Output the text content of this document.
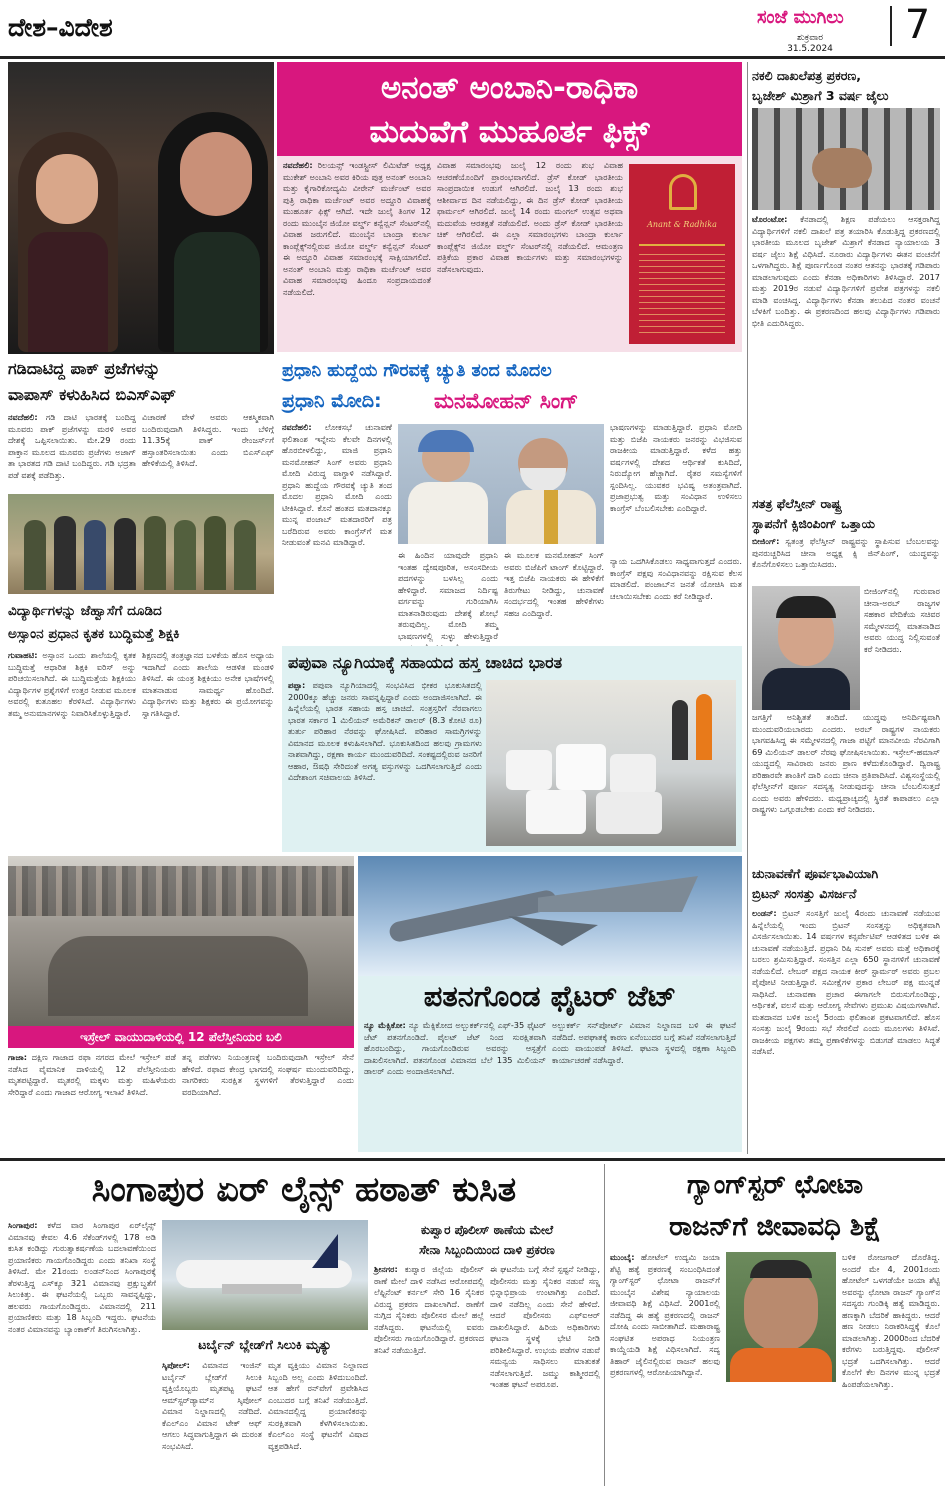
ದೇಶ–ವಿದೇಶ	ಸಂಜೆ ಮುಗಿಲು
ಶುಕ್ರವಾರ
31.5.2024
7
ಅನಂತ್ ಅಂಬಾನಿ-ರಾಧಿಕಾ
ಮದುವೆಗೆ ಮುಹೂರ್ತ ಫಿಕ್ಸ್
ನವದೆಹಲಿ: ರಿಲಯನ್ಸ್ ಇಂಡಸ್ಟ್ರೀಸ್ ಲಿಮಿಟೆಡ್ ಅಧ್ಯಕ್ಷ ಮುಕೇಶ್ ಅಂಬಾನಿ ಅವರ ಕಿರಿಯ ಪುತ್ರ ಅನಂತ್ ಅಂಬಾನಿ ಮತ್ತು ಕೈಗಾರಿಕೋದ್ಯಮಿ ವೀರೇನ್ ಮರ್ಚೆಂಟ್ ಅವರ ಪುತ್ರಿ ರಾಧಿಕಾ ಮರ್ಚೆಂಟ್ ಅವರ ಅದ್ದೂರಿ ವಿವಾಹಕ್ಕೆ ಮುಹೂರ್ತ ಫಿಕ್ಸ್ ಆಗಿದೆ. ಇದೇ ಜುಲೈ ತಿಂಗಳ 12 ರಂದು ಮುಂಬೈನ ಜಿಯೋ ವರ್ಲ್ಡ್ ಕನ್ವೆನ್ಷನ್ ಸೆಂಟರ್‌ನಲ್ಲಿ ವಿವಾಹ ಜರುಗಲಿದೆ. ಮುಂಬೈನ ಬಾಂದ್ರಾ ಕುರ್ಲಾ ಕಾಂಪ್ಲೆಕ್ಸ್‌ನಲ್ಲಿರುವ ಜಿಯೋ ವರ್ಲ್ಡ್ ಕನ್ವೆನ್ಷನ್ ಸೆಂಟರ್ ಈ ಅದ್ದೂರಿ ವಿವಾಹ ಸಮಾರಂಭಕ್ಕೆ ಸಾಕ್ಷಿಯಾಗಲಿದೆ. ಅನಂತ್ ಅಂಬಾನಿ ಮತ್ತು ರಾಧಿಕಾ ಮರ್ಚೆಂಟ್ ಅವರ ವಿವಾಹ ಸಮಾರಂಭವು ಹಿಂದೂ ಸಂಪ್ರದಾಯದಂತೆ ನಡೆಯಲಿದೆ.
ವಿವಾಹ ಸಮಾರಂಭವು ಜುಲೈ 12 ರಂದು ಶುಭ ವಿವಾಹ ಆಚರಣೆಯೊಂದಿಗೆ ಪ್ರಾರಂಭವಾಗಲಿದೆ. ಡ್ರೆಸ್ ಕೋಡ್ ಭಾರತೀಯ ಸಾಂಪ್ರದಾಯಿಕ ಉಡುಗೆ ಆಗಿರಲಿದೆ. ಜುಲೈ 13 ರಂದು ಶುಭ ಆಶೀರ್ವಾದ ದಿನ ನಡೆಯಲಿದ್ದು, ಈ ದಿನ ಡ್ರೆಸ್ ಕೋಡ್ ಭಾರತೀಯ ಫಾರ್ಮಲ್ ಆಗಿರಲಿದೆ. ಜುಲೈ 14 ರಂದು ಮಂಗಲ್ ಉತ್ಸವ ಅಥವಾ ಮದುವೆಯ ಆರತಕ್ಷತೆ ನಡೆಯಲಿದೆ. ಅಂದು ಡ್ರೆಸ್ ಕೋಡ್ ಭಾರತೀಯ ಚಿಕ್ ಆಗಿರಲಿದೆ. ಈ ಎಲ್ಲಾ ಸಮಾರಂಭಗಳು ಬಾಂದ್ರಾ ಕುರ್ಲಾ ಕಾಂಪ್ಲೆಕ್ಸ್‌ನ ಜಿಯೋ ವರ್ಲ್ಡ್ ಸೆಂಟರ್‌ನಲ್ಲಿ ನಡೆಯಲಿದೆ. ಆಮಂತ್ರಣ ಪತ್ರಿಕೆಯ ಪ್ರಕಾರ ವಿವಾಹ ಕಾರ್ಯಗಳು ಮತ್ತು ಸಮಾರಂಭಗಳನ್ನು ನಡೆಸಲಾಗುವುದು.
Anant & Radhika
ಗಡಿದಾಟಿದ್ದ ಪಾಕ್ ಪ್ರಜೆಗಳನ್ನು
ವಾಪಾಸ್ ಕಳುಹಿಸಿದ ಬಿಎಸ್‌ಎಫ್
ನವದೆಹಲಿ: ಗಡಿ ದಾಟಿ ಭಾರತಕ್ಕೆ ಬಂದಿದ್ದ ಮೂವರು ಪಾಕ್ ಪ್ರಜೆಗಳನ್ನು ಮರಳಿ ಅವರ ದೇಶಕ್ಕೆ ಒಪ್ಪಿಸಲಾಯಿತು. ಮೇ.29 ರಂದು ಪಾಕ್ತಾನ ಮೂಲದ ಮೂವರು ಪ್ರಜೆಗಳು ಅಜಾಗ್ ತಾ ಭಾರತದ ಗಡಿ ದಾಟಿ ಬಂದಿದ್ದರು. ಗಡಿ ಭದ್ರತಾ ಪಡೆ ವಶಕ್ಕೆ ಪಡೆದಿತ್ತು.
ವಿಚಾರಣೆ ವೇಳೆ ಅವರು ಆಕಸ್ಮಿಕವಾಗಿ ಬಂದಿರುವುದಾಗಿ ತಿಳಿಸಿದ್ದರು. ಇಂದು ಬೆಳಿಗ್ಗೆ 11.35ಕ್ಕೆ ಪಾಕ್ ರೇಂಜರ್ಸ್‌ಗೆ ಹಸ್ತಾಂತರಿಸಲಾಯಿತು ಎಂದು ಬಿಎಸ್‌ಎಫ್ ಹೇಳಿಕೆಯಲ್ಲಿ ತಿಳಿಸಿದೆ.
ವಿದ್ಯಾರ್ಥಿಗಳನ್ನು ಜೆಹ್ವಾಸೆಗೆ ದೂಡಿದ
ಅಸ್ಸಾಂನ ಪ್ರಧಾನ ಕೃತಕ ಬುದ್ಧಿಮತ್ತೆ ಶಿಕ್ಷಕಿ
ಗುವಾಹಟಿ: ಅಸ್ಸಾಂನ ಒಂದು ಶಾಲೆಯಲ್ಲಿ ಕೃತಕ ಬುದ್ಧಿಮತ್ತೆ ಆಧಾರಿತ ಶಿಕ್ಷಕಿ ಐರಿಸ್ ಅನ್ನು ಪರಿಚಯಿಸಲಾಗಿದೆ. ಈ ಬುದ್ಧಿಮತ್ತೆಯ ಶಿಕ್ಷಕಿಯು ವಿದ್ಯಾರ್ಥಿಗಳ ಪ್ರಶ್ನೆಗಳಿಗೆ ಉತ್ತರ ನೀಡುವ ಮೂಲಕ ಅವರಲ್ಲಿ ಕುತೂಹಲ ಕೆರಳಿಸಿದೆ. ವಿದ್ಯಾರ್ಥಿಗಳು ತಮ್ಮ ಅನುಮಾನಗಳನ್ನು ನಿವಾರಿಸಿಕೊಳ್ಳುತ್ತಿದ್ದಾರೆ.
ಶಿಕ್ಷಣದಲ್ಲಿ ತಂತ್ರಜ್ಞಾನದ ಬಳಕೆಯ ಹೊಸ ಅಧ್ಯಾಯ ಇದಾಗಿದೆ ಎಂದು ಶಾಲೆಯ ಆಡಳಿತ ಮಂಡಳಿ ತಿಳಿಸಿದೆ. ಈ ಯಂತ್ರ ಶಿಕ್ಷಕಿಯು ಅನೇಕ ಭಾಷೆಗಳಲ್ಲಿ ಮಾತನಾಡುವ ಸಾಮರ್ಥ್ಯ ಹೊಂದಿದೆ. ವಿದ್ಯಾರ್ಥಿಗಳು ಮತ್ತು ಶಿಕ್ಷಕರು ಈ ಪ್ರಯೋಗವನ್ನು ಸ್ವಾಗತಿಸಿದ್ದಾರೆ.
ಪ್ರಧಾನಿ ಹುದ್ದೆಯ ಗೌರವಕ್ಕೆ ಚ್ಯುತಿ ತಂದ ಮೊದಲ
ಪ್ರಧಾನಿ ಮೋದಿ:	ಮನಮೋಹನ್ ಸಿಂಗ್
ನವದೆಹಲಿ: ಲೋಕಸಭೆ ಚುನಾವಣೆ ಫಲಿತಾಂಶ ಇನ್ನೇನು ಕೆಲವೇ ದಿನಗಳಲ್ಲಿ ಹೊರಬೀಳಲಿದ್ದು, ಮಾಜಿ ಪ್ರಧಾನಿ ಮನಮೋಹನ್ ಸಿಂಗ್ ಅವರು ಪ್ರಧಾನಿ ಮೋದಿ ವಿರುದ್ಧ ವಾಗ್ದಾಳಿ ನಡೆಸಿದ್ದಾರೆ. ಪ್ರಧಾನಿ ಹುದ್ದೆಯ ಗೌರವಕ್ಕೆ ಚ್ಯುತಿ ತಂದ ಮೊದಲ ಪ್ರಧಾನಿ ಮೋದಿ ಎಂದು ಟೀಕಿಸಿದ್ದಾರೆ. ಕೊನೆ ಹಂತದ ಮತದಾನಕ್ಕೂ ಮುನ್ನ ಪಂಜಾಬ್ ಮತದಾರರಿಗೆ ಪತ್ರ ಬರೆದಿರುವ ಅವರು ಕಾಂಗ್ರೆಸ್‌ಗೆ ಮತ ನೀಡುವಂತೆ ಮನವಿ ಮಾಡಿದ್ದಾರೆ.
ಈ ಹಿಂದಿನ ಯಾವುದೇ ಪ್ರಧಾನಿ ಇಂತಹ ದ್ವೇಷಪೂರಿತ, ಅಸಂಸದೀಯ ಪದಗಳನ್ನು ಬಳಸಿಲ್ಲ ಎಂದು ಹೇಳಿದ್ದಾರೆ. ಸಮಾಜದ ನಿರ್ದಿಷ್ಟ ವರ್ಗವನ್ನು ಗುರಿಯಾಗಿಸಿ ಮಾತನಾಡಿರುವುದು ದೇಶಕ್ಕೆ ಶೋಭೆ ತರುವುದಿಲ್ಲ. ಮೋದಿ ತಮ್ಮ ಭಾಷಣಗಳಲ್ಲಿ ಸುಳ್ಳು ಹೇಳುತ್ತಿದ್ದಾರೆ
ಭಾಷಣಗಳನ್ನು ಮಾಡುತ್ತಿದ್ದಾರೆ. ಪ್ರಧಾನಿ ಮೋದಿ ಮತ್ತು ಬಿಜೆಪಿ ನಾಯಕರು ಜನರನ್ನು ವಿಭಜಿಸುವ ರಾಜಕೀಯ ಮಾಡುತ್ತಿದ್ದಾರೆ. ಕಳೆದ ಹತ್ತು ವರ್ಷಗಳಲ್ಲಿ ದೇಶದ ಆರ್ಥಿಕತೆ ಕುಸಿದಿದೆ, ನಿರುದ್ಯೋಗ ಹೆಚ್ಚಾಗಿದೆ. ರೈತರ ಸಮಸ್ಯೆಗಳಿಗೆ ಸ್ಪಂದಿಸಿಲ್ಲ. ಯುವಕರ ಭವಿಷ್ಯ ಅತಂತ್ರವಾಗಿದೆ. ಪ್ರಜಾಪ್ರಭುತ್ವ ಮತ್ತು ಸಂವಿಧಾನ ಉಳಿಸಲು ಕಾಂಗ್ರೆಸ್ ಬೆಂಬಲಿಸಬೇಕು ಎಂದಿದ್ದಾರೆ.
ಈ ಮೂಲಕ ಮನಮೋಹನ್ ಸಿಂಗ್ ಅವರು ಬಿಜೆಪಿಗೆ ಟಾಂಗ್ ಕೊಟ್ಟಿದ್ದಾರೆ. ಇತ್ತ ಬಿಜೆಪಿ ನಾಯಕರು ಈ ಹೇಳಿಕೆಗೆ ತಿರುಗೇಟು ನೀಡಿದ್ದು, ಚುನಾವಣೆ ಸಂದರ್ಭದಲ್ಲಿ ಇಂತಹ ಹೇಳಿಕೆಗಳು ಸಹಜ ಎಂದಿದ್ದಾರೆ.
ನ್ಯಾಯ ಒದಗಿಸಿಕೊಡಲು ಸಾಧ್ಯವಾಗುತ್ತದೆ ಎಂದರು. ಕಾಂಗ್ರೆಸ್ ಪಕ್ಷವು ಸಂವಿಧಾನವನ್ನು ರಕ್ಷಿಸುವ ಕೆಲಸ ಮಾಡಲಿದೆ. ಪಂಜಾಬ್‌ನ ಜನತೆ ಯೋಚಿಸಿ ಮತ ಚಲಾಯಿಸಬೇಕು ಎಂದು ಕರೆ ನೀಡಿದ್ದಾರೆ.
ಪಪುವಾ ನ್ಯೂಗಿಯಾಕ್ಕೆ ಸಹಾಯದ ಹಸ್ತ ಚಾಚಿದ ಭಾರತ
ಪಪ್ಪಾ: ಪಪುವಾ ನ್ಯೂಗಿಯಾದಲ್ಲಿ ಸಂಭವಿಸಿದ ಭೀಕರ ಭೂಕುಸಿತದಲ್ಲಿ 2000ಕ್ಕೂ ಹೆಚ್ಚು ಜನರು ಸಾವನ್ನಪ್ಪಿದ್ದಾರೆ ಎಂದು ಅಂದಾಜಿಸಲಾಗಿದೆ. ಈ ಹಿನ್ನೆಲೆಯಲ್ಲಿ ಭಾರತ ಸಹಾಯ ಹಸ್ತ ಚಾಚಿದೆ. ಸಂತ್ರಸ್ತರಿಗೆ ನೆರವಾಗಲು ಭಾರತ ಸರ್ಕಾರ 1 ಮಿಲಿಯನ್ ಅಮೆರಿಕನ್ ಡಾಲರ್ (8.3 ಕೋಟಿ ರೂ) ತುರ್ತು ಪರಿಹಾರ ನೆರವನ್ನು ಘೋಷಿಸಿದೆ. ಪರಿಹಾರ ಸಾಮಗ್ರಿಗಳನ್ನು ವಿಮಾನದ ಮೂಲಕ ಕಳುಹಿಸಲಾಗಿದೆ. ಭೂಕುಸಿತದಿಂದ ಹಲವು ಗ್ರಾಮಗಳು ನಾಶವಾಗಿದ್ದು, ರಕ್ಷಣಾ ಕಾರ್ಯ ಮುಂದುವರಿದಿದೆ. ಸಂಕಷ್ಟದಲ್ಲಿರುವ ಜನರಿಗೆ ಆಹಾರ, ಔಷಧಿ ಸೇರಿದಂತೆ ಅಗತ್ಯ ವಸ್ತುಗಳನ್ನು ಒದಗಿಸಲಾಗುತ್ತಿದೆ ಎಂದು ವಿದೇಶಾಂಗ ಸಚಿವಾಲಯ ತಿಳಿಸಿದೆ.
ಇಸ್ರೇಲ್ ವಾಯುದಾಳಿಯಲ್ಲಿ 12 ಪೆಲೆಸ್ತೀನಿಯರ ಬಲಿ
ಗಾಜಾ: ದಕ್ಷಿಣ ಗಾಜಾದ ರಫಾ ನಗರದ ಮೇಲೆ ಇಸ್ರೇಲ್ ಪಡೆ ನಡೆಸಿದ ವೈಮಾನಿಕ ದಾಳಿಯಲ್ಲಿ 12 ಪೆಲೆಸ್ತೀನಿಯರು ಮೃತಪಟ್ಟಿದ್ದಾರೆ. ಮೃತರಲ್ಲಿ ಮಕ್ಕಳು ಮತ್ತು ಮಹಿಳೆಯರು ಸೇರಿದ್ದಾರೆ ಎಂದು ಗಾಜಾದ ಆರೋಗ್ಯ ಇಲಾಖೆ ತಿಳಿಸಿದೆ.
ತನ್ನ ಪಡೆಗಳು ನಿಯಂತ್ರಣಕ್ಕೆ ಬಂದಿರುವುದಾಗಿ ಇಸ್ರೇಲ್ ಸೇನೆ ಹೇಳಿದೆ. ರಫಾದ ಕೇಂದ್ರ ಭಾಗದಲ್ಲಿ ಸಂಘರ್ಷ ಮುಂದುವರಿದಿದ್ದು, ನಾಗರಿಕರು ಸುರಕ್ಷಿತ ಸ್ಥಳಗಳಿಗೆ ತೆರಳುತ್ತಿದ್ದಾರೆ ಎಂದು ವರದಿಯಾಗಿದೆ.
ಪತನಗೊಂಡ ಫೈಟರ್ ಜೆಟ್
ನ್ಯೂ ಮೆಕ್ಸಿಕೋ: ನ್ಯೂ ಮೆಕ್ಸಿಕೋದ ಅಲ್ಬುಕರ್ಕ್‌ನಲ್ಲಿ ಎಫ್-35 ಫೈಟರ್ ಜೆಟ್ ಪತನಗೊಂಡಿದೆ. ಪೈಲಟ್ ಜೆಟ್ ನಿಂದ ಸುರಕ್ಷಿತವಾಗಿ ಹೊರಬಂದಿದ್ದು, ಗಾಯಗೊಂಡಿರುವ ಅವರನ್ನು ಆಸ್ಪತ್ರೆಗೆ ದಾಖಲಿಸಲಾಗಿದೆ. ಪತನಗೊಂಡ ವಿಮಾನದ ಬೆಲೆ 135 ಮಿಲಿಯನ್ ಡಾಲರ್ ಎಂದು ಅಂದಾಜಿಸಲಾಗಿದೆ.
ಅಲ್ಬುಕರ್ಕ್ ಸನ್‌ಪೋರ್ಟ್ ವಿಮಾನ ನಿಲ್ದಾಣದ ಬಳಿ ಈ ಘಟನೆ ನಡೆದಿದೆ. ಅಪಘಾತಕ್ಕೆ ಕಾರಣ ಏನೆಂಬುದರ ಬಗ್ಗೆ ತನಿಖೆ ನಡೆಸಲಾಗುತ್ತಿದೆ ಎಂದು ವಾಯುಪಡೆ ತಿಳಿಸಿದೆ. ಘಟನಾ ಸ್ಥಳದಲ್ಲಿ ರಕ್ಷಣಾ ಸಿಬ್ಬಂದಿ ಕಾರ್ಯಾಚರಣೆ ನಡೆಸಿದ್ದಾರೆ.
ನಕಲಿ ದಾಖಲೆಪತ್ರ ಪ್ರಕರಣ,
ಬೃಜೇಶ್ ಮಿಶ್ರಾಗೆ 3 ವರ್ಷ ಜೈಲು
ಟೊರಂಟೋ: ಕೆನಡಾದಲ್ಲಿ ಶಿಕ್ಷಣ ಪಡೆಯಲು ಆಸಕ್ತರಾಗಿದ್ದ ವಿದ್ಯಾರ್ಥಿಗಳಿಗೆ ನಕಲಿ ದಾಖಲೆ ಪತ್ರ ತಯಾರಿಸಿ ಕೊಡುತ್ತಿದ್ದ ಪ್ರಕರಣದಲ್ಲಿ ಭಾರತೀಯ ಮೂಲದ ಬೃಜೇಶ್ ಮಿಶ್ರಾಗೆ ಕೆನಡಾದ ನ್ಯಾಯಾಲಯ 3 ವರ್ಷ ಜೈಲು ಶಿಕ್ಷೆ ವಿಧಿಸಿದೆ. ನೂರಾರು ವಿದ್ಯಾರ್ಥಿಗಳು ಈತನ ವಂಚನೆಗೆ ಒಳಗಾಗಿದ್ದರು. ಶಿಕ್ಷೆ ಪೂರ್ಣಗೊಂಡ ನಂತರ ಆತನನ್ನು ಭಾರತಕ್ಕೆ ಗಡಿಪಾರು ಮಾಡಲಾಗುವುದು ಎಂದು ಕೆನಡಾ ಅಧಿಕಾರಿಗಳು ತಿಳಿಸಿದ್ದಾರೆ. 2017 ಮತ್ತು 2019ರ ನಡುವೆ ವಿದ್ಯಾರ್ಥಿಗಳಿಗೆ ಪ್ರವೇಶ ಪತ್ರಗಳನ್ನು ನಕಲಿ ಮಾಡಿ ವಂಚಿಸಿದ್ದ. ವಿದ್ಯಾರ್ಥಿಗಳು ಕೆನಡಾ ತಲುಪಿದ ನಂತರ ವಂಚನೆ ಬೆಳಕಿಗೆ ಬಂದಿತ್ತು. ಈ ಪ್ರಕರಣದಿಂದ ಹಲವು ವಿದ್ಯಾರ್ಥಿಗಳು ಗಡಿಪಾರು ಭೀತಿ ಎದುರಿಸಿದ್ದರು.
ಸತತ್ರ ಫೆಲೆಸ್ತೀನ್ ರಾಷ್ಟ್ರ
ಸ್ಥಾಪನೆಗೆ ಕ್ಸಿಜಿಂಪಿಂಗ್ ಒತ್ತಾಯ
ಬೀಜಿಂಗ್: ಸ್ವತಂತ್ರ ಫೆಲೆಸ್ತೀನ್ ರಾಷ್ಟ್ರವನ್ನು ಸ್ಥಾಪಿಸುವ ಬೆಂಬಲವನ್ನು ಪುನರುಚ್ಚರಿಸಿದ ಚೀನಾ ಅಧ್ಯಕ್ಷ ಕ್ಸಿ ಜಿನ್‌ಪಿಂಗ್, ಯುದ್ಧವನ್ನು ಕೊನೆಗೊಳಿಸಲು ಒತ್ತಾಯಿಸಿದರು.
ಬೀಜಿಂಗ್‌ನಲ್ಲಿ ಗುರುವಾರ ಚೀನಾ-ಅರಬ್ ರಾಜ್ಯಗಳ ಸಹಕಾರ ವೇದಿಕೆಯ ಸಚಿವರ ಸಮ್ಮೇಳನದಲ್ಲಿ ಮಾತನಾಡಿದ ಅವರು ಯುದ್ಧ ನಿಲ್ಲಿಸುವಂತೆ ಕರೆ ನೀಡಿದರು.
ಜಗತ್ತಿಗೆ ಅನಿಶ್ಚಿತತೆ ತಂದಿದೆ. ಯುದ್ಧವು ಅನಿರ್ದಿಷ್ಟವಾಗಿ ಮುಂದುವರಿಯಬಾರದು ಎಂದರು. ಅರಬ್ ರಾಷ್ಟ್ರಗಳ ನಾಯಕರು ಭಾಗವಹಿಸಿದ್ದ ಈ ಸಮ್ಮೇಳನದಲ್ಲಿ ಗಾಜಾ ಪಟ್ಟಿಗೆ ಮಾನವೀಯ ನೆರವಿಗಾಗಿ 69 ಮಿಲಿಯನ್ ಡಾಲರ್ ನೆರವು ಘೋಷಿಸಲಾಯಿತು. ಇಸ್ರೇಲ್-ಹಮಾಸ್ ಯುದ್ಧದಲ್ಲಿ ಸಾವಿರಾರು ಜನರು ಪ್ರಾಣ ಕಳೆದುಕೊಂಡಿದ್ದಾರೆ. ದ್ವಿರಾಷ್ಟ್ರ ಪರಿಹಾರವೇ ಶಾಂತಿಗೆ ದಾರಿ ಎಂದು ಚೀನಾ ಪ್ರತಿಪಾದಿಸಿದೆ. ವಿಶ್ವಸಂಸ್ಥೆಯಲ್ಲಿ ಫೆಲೆಸ್ತೀನ್‌ಗೆ ಪೂರ್ಣ ಸದಸ್ಯತ್ವ ನೀಡುವುದನ್ನು ಚೀನಾ ಬೆಂಬಲಿಸುತ್ತದೆ ಎಂದು ಅವರು ಹೇಳಿದರು. ಮಧ್ಯಪ್ರಾಚ್ಯದಲ್ಲಿ ಸ್ಥಿರತೆ ಕಾಪಾಡಲು ಎಲ್ಲಾ ರಾಷ್ಟ್ರಗಳು ಒಗ್ಗೂಡಬೇಕು ಎಂದು ಕರೆ ನೀಡಿದರು.
ಚುನಾವಣೆಗೆ ಪೂರ್ವಭಾವಿಯಾಗಿ
ಬ್ರಿಟನ್ ಸಂಸತ್ತು ವಿಸರ್ಜನೆ
ಲಂಡನ್: ಬ್ರಿಟನ್ ಸಂಸತ್ತಿಗೆ ಜುಲೈ 4ರಂದು ಚುನಾವಣೆ ನಡೆಯುವ ಹಿನ್ನೆಲೆಯಲ್ಲಿ ಇಂದು ಬ್ರಿಟನ್ ಸಂಸತ್ತನ್ನು ಅಧಿಕೃತವಾಗಿ ವಿಸರ್ಜಿಸಲಾಯಿತು. 14 ವರ್ಷಗಳ ಕನ್ಸರ್ವೇಟಿವ್ ಆಡಳಿತದ ಬಳಿಕ ಈ ಚುನಾವಣೆ ನಡೆಯುತ್ತಿದೆ. ಪ್ರಧಾನಿ ರಿಷಿ ಸುನಕ್ ಅವರು ಮತ್ತೆ ಅಧಿಕಾರಕ್ಕೆ ಬರಲು ಶ್ರಮಿಸುತ್ತಿದ್ದಾರೆ. ಸಂಸತ್ತಿನ ಎಲ್ಲಾ 650 ಸ್ಥಾನಗಳಿಗೆ ಚುನಾವಣೆ ನಡೆಯಲಿದೆ. ಲೇಬರ್ ಪಕ್ಷದ ನಾಯಕ ಕೀರ್ ಸ್ಟಾರ್ಮರ್ ಅವರು ಪ್ರಬಲ ಪೈಪೋಟಿ ನೀಡುತ್ತಿದ್ದಾರೆ. ಸಮೀಕ್ಷೆಗಳ ಪ್ರಕಾರ ಲೇಬರ್ ಪಕ್ಷ ಮುನ್ನಡೆ ಸಾಧಿಸಿದೆ. ಚುನಾವಣಾ ಪ್ರಚಾರ ಈಗಾಗಲೇ ಬಿರುಸುಗೊಂಡಿದ್ದು, ಆರ್ಥಿಕತೆ, ವಲಸೆ ಮತ್ತು ಆರೋಗ್ಯ ಸೇವೆಗಳು ಪ್ರಮುಖ ವಿಷಯಗಳಾಗಿವೆ. ಮತದಾನದ ಬಳಿಕ ಜುಲೈ 5ರಂದು ಫಲಿತಾಂಶ ಪ್ರಕಟವಾಗಲಿದೆ. ಹೊಸ ಸಂಸತ್ತು ಜುಲೈ 9ರಂದು ಸಭೆ ಸೇರಲಿದೆ ಎಂದು ಮೂಲಗಳು ತಿಳಿಸಿವೆ. ರಾಜಕೀಯ ಪಕ್ಷಗಳು ತಮ್ಮ ಪ್ರಣಾಳಿಕೆಗಳನ್ನು ಬಿಡುಗಡೆ ಮಾಡಲು ಸಿದ್ಧತೆ ನಡೆಸಿವೆ.
ಸಿಂಗಾಪುರ ಏರ್ ಲೈನ್ಸ್ ಹಠಾತ್ ಕುಸಿತ
ಸಿಂಗಾಪುರ: ಕಳೆದ ವಾರ ಸಿಂಗಾಪುರ ಏರ್‌ಲೈನ್ಸ್ ವಿಮಾನವು ಕೇವಲ 4.6 ಸೆಕೆಂಡ್‌ಗಳಲ್ಲಿ 178 ಅಡಿ ಕುಸಿತ ಕಂಡಿದ್ದು ಗುರುತ್ವಾಕರ್ಷಣೆಯ ಬದಲಾವಣೆಯಿಂದ ಪ್ರಯಾಣಿಕರು ಗಾಯಗೊಂಡಿದ್ದರು ಎಂದು ತನಿಖಾ ಸಂಸ್ಥೆ ತಿಳಿಸಿದೆ. ಮೇ 21ರಂದು ಲಂಡನ್‌ನಿಂದ ಸಿಂಗಾಪುರಕ್ಕೆ ತೆರಳುತ್ತಿದ್ದ ಎಸ್‌ಕ್ಯೂ 321 ವಿಮಾನವು ಪ್ರಕ್ಷುಬ್ಧತೆಗೆ ಸಿಲುಕಿತ್ತು. ಈ ಘಟನೆಯಲ್ಲಿ ಒಬ್ಬರು ಸಾವನ್ನಪ್ಪಿದ್ದು, ಹಲವರು ಗಾಯಗೊಂಡಿದ್ದರು. ವಿಮಾನದಲ್ಲಿ 211 ಪ್ರಯಾಣಿಕರು ಮತ್ತು 18 ಸಿಬ್ಬಂದಿ ಇದ್ದರು. ಘಟನೆಯ ನಂತರ ವಿಮಾನವನ್ನು ಬ್ಯಾಂಕಾಕ್‌ಗೆ ತಿರುಗಿಸಲಾಗಿತ್ತು.
ಕುಪ್ವಾರ ಪೊಲೀಸ್ ಠಾಣೆಯ ಮೇಲೆ
ಸೇನಾ ಸಿಬ್ಬಂದಿಯಿಂದ ದಾಳಿ ಪ್ರಕರಣ
ಶ್ರೀನಗರ: ಕುಪ್ವಾರ ಜಿಲ್ಲೆಯ ಪೊಲೀಸ್ ಠಾಣೆ ಮೇಲೆ ದಾಳಿ ನಡೆಸಿದ ಆರೋಪದಲ್ಲಿ ಲೆಫ್ಟಿನೆಂಟ್ ಕರ್ನಲ್ ಸೇರಿ 16 ಸೈನಿಕರ ವಿರುದ್ಧ ಪ್ರಕರಣ ದಾಖಲಾಗಿದೆ. ಠಾಣೆಗೆ ನುಗ್ಗಿದ ಸೈನಿಕರು ಪೊಲೀಸರ ಮೇಲೆ ಹಲ್ಲೆ ನಡೆಸಿದ್ದರು. ಘಟನೆಯಲ್ಲಿ ಐವರು ಪೊಲೀಸರು ಗಾಯಗೊಂಡಿದ್ದಾರೆ. ಪ್ರಕರಣದ ತನಿಖೆ ನಡೆಯುತ್ತಿದೆ.
ಈ ಘಟನೆಯ ಬಗ್ಗೆ ಸೇನೆ ಸ್ಪಷ್ಟನೆ ನೀಡಿದ್ದು, ಪೊಲೀಸರು ಮತ್ತು ಸೈನಿಕರ ನಡುವೆ ಸಣ್ಣ ಭಿನ್ನಾಭಿಪ್ರಾಯ ಉಂಟಾಗಿತ್ತು ಎಂದಿದೆ. ದಾಳಿ ನಡೆದಿಲ್ಲ ಎಂದು ಸೇನೆ ಹೇಳಿದೆ. ಆದರೆ ಪೊಲೀಸರು ಎಫ್‌ಐಆರ್ ದಾಖಲಿಸಿದ್ದಾರೆ. ಹಿರಿಯ ಅಧಿಕಾರಿಗಳು ಘಟನಾ ಸ್ಥಳಕ್ಕೆ ಭೇಟಿ ನೀಡಿ ಪರಿಶೀಲಿಸಿದ್ದಾರೆ. ಉಭಯ ಪಡೆಗಳ ನಡುವೆ ಸಮನ್ವಯ ಸಾಧಿಸಲು ಮಾತುಕತೆ ನಡೆಸಲಾಗುತ್ತಿದೆ. ಜಮ್ಮು ಕಾಶ್ಮೀರದಲ್ಲಿ ಇಂತಹ ಘಟನೆ ಅಪರೂಪ.
ಟರ್ಬೈನ್ ಬ್ಲೇಡ್‌ಗೆ ಸಿಲುಕಿ ಮೃತ್ಯು
ಸ್ಕಿಪೋಲ್: ವಿಮಾನದ ಇಂಜಿನ್ ಟರ್ಬೈನ್ ಬ್ಲೇಡ್‌ಗೆ ಸಿಲುಕಿ ವ್ಯಕ್ತಿಯೊಬ್ಬರು ಮೃತಪಟ್ಟ ಘಟನೆ ಆಮ್‌ಸ್ಟರ್‌ಡ್ಯಾಮ್‌ನ ಸ್ಕಿಪೋಲ್ ವಿಮಾನ ನಿಲ್ದಾಣದಲ್ಲಿ ನಡೆದಿದೆ. ಕೆಎಲ್‌ಎಂ ವಿಮಾನ ಟೇಕ್ ಆಫ್ ಆಗಲು ಸಿದ್ಧವಾಗುತ್ತಿದ್ದಾಗ ಈ ದುರಂತ ಸಂಭವಿಸಿದೆ.
ಮೃತ ವ್ಯಕ್ತಿಯು ವಿಮಾನ ನಿಲ್ದಾಣದ ಸಿಬ್ಬಂದಿ ಅಲ್ಲ ಎಂದು ತಿಳಿದುಬಂದಿದೆ. ಆತ ಹೇಗೆ ರನ್‌ವೇಗೆ ಪ್ರವೇಶಿಸಿದ ಎಂಬುದರ ಬಗ್ಗೆ ತನಿಖೆ ನಡೆಯುತ್ತಿದೆ. ವಿಮಾನದಲ್ಲಿದ್ದ ಪ್ರಯಾಣಿಕರನ್ನು ಸುರಕ್ಷಿತವಾಗಿ ಕೆಳಗಿಳಿಸಲಾಯಿತು. ಕೆಎಲ್‌ಎಂ ಸಂಸ್ಥೆ ಘಟನೆಗೆ ವಿಷಾದ ವ್ಯಕ್ತಪಡಿಸಿದೆ.
ಗ್ಯಾಂಗ್‌ಸ್ಟರ್ ಛೋಟಾ
ರಾಜನ್‌ಗೆ ಜೀವಾವಧಿ ಶಿಕ್ಷೆ
ಮುಂಬೈ: ಹೋಟೆಲ್ ಉದ್ಯಮಿ ಜಯಾ ಶೆಟ್ಟಿ ಹತ್ಯೆ ಪ್ರಕರಣಕ್ಕೆ ಸಂಬಂಧಿಸಿದಂತೆ ಗ್ಯಾಂಗ್‌ಸ್ಟರ್ ಛೋಟಾ ರಾಜನ್‌ಗೆ ಮುಂಬೈನ ವಿಶೇಷ ನ್ಯಾಯಾಲಯ ಜೀವಾವಧಿ ಶಿಕ್ಷೆ ವಿಧಿಸಿದೆ. 2001ರಲ್ಲಿ ನಡೆದಿದ್ದ ಈ ಹತ್ಯೆ ಪ್ರಕರಣದಲ್ಲಿ ರಾಜನ್ ದೋಷಿ ಎಂದು ಸಾಬೀತಾಗಿದೆ. ಮಹಾರಾಷ್ಟ್ರ ಸಂಘಟಿತ ಅಪರಾಧ ನಿಯಂತ್ರಣ ಕಾಯ್ದೆಯಡಿ ಶಿಕ್ಷೆ ವಿಧಿಸಲಾಗಿದೆ. ಸದ್ಯ ತಿಹಾರ್ ಜೈಲಿನಲ್ಲಿರುವ ರಾಜನ್ ಹಲವು ಪ್ರಕರಣಗಳಲ್ಲಿ ಆರೋಪಿಯಾಗಿದ್ದಾನೆ.
ಬಳಿಕ ರೋಜಗಾರ್ ದೊರೆತಿದ್ದ. ಅಂದರೆ ಮೇ 4, 2001ರಂದು ಹೋಟೆಲ್ ಒಳಗಡೆಯೇ ಜಯಾ ಶೆಟ್ಟಿ ಅವರನ್ನು ಛೋಟಾ ರಾಜನ್ ಗ್ಯಾಂಗ್‌ನ ಸದಸ್ಯರು ಗುಂಡಿಕ್ಕಿ ಹತ್ಯೆ ಮಾಡಿದ್ದರು. ಹಣಕ್ಕಾಗಿ ಬೆದರಿಕೆ ಹಾಕಿದ್ದರು. ಆದರೆ ಹಣ ನೀಡಲು ನಿರಾಕರಿಸಿದ್ದಕ್ಕೆ ಕೊಲೆ ಮಾಡಲಾಗಿತ್ತು. 2000ರಿಂದ ಬೆದರಿಕೆ ಕರೆಗಳು ಬರುತ್ತಿದ್ದವು. ಪೊಲೀಸ್ ಭದ್ರತೆ ಒದಗಿಸಲಾಗಿತ್ತು. ಆದರೆ ಕೊಲೆಗೆ ಕೆಲ ದಿನಗಳ ಮುನ್ನ ಭದ್ರತೆ ಹಿಂಪಡೆಯಲಾಗಿತ್ತು.
